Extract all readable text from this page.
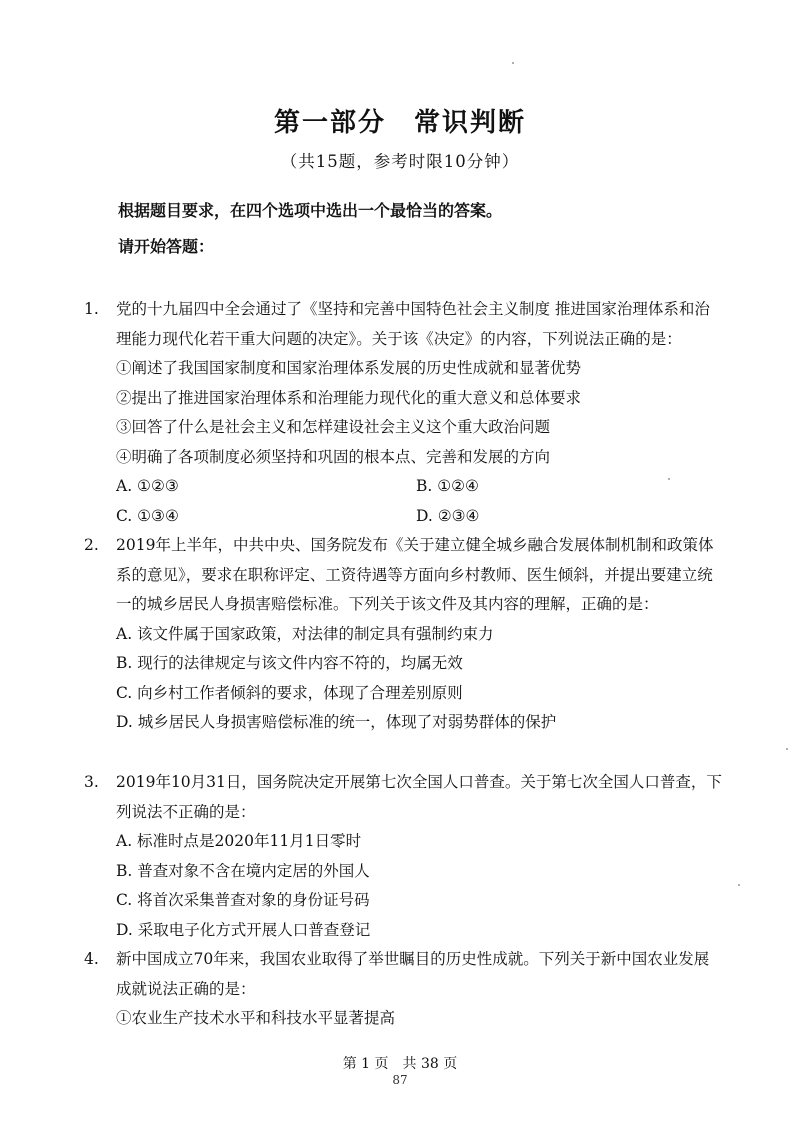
第一部分　常识判断
（共15题，参考时限10分钟）
根据题目要求，在四个选项中选出一个最恰当的答案。
请开始答题：
1. 党的十九届四中全会通过了《坚持和完善中国特色社会主义制度 推进国家治理体系和治理能力现代化若干重大问题的决定》。关于该《决定》的内容，下列说法正确的是：
①阐述了我国国家制度和国家治理体系发展的历史性成就和显著优势
②提出了推进国家治理体系和治理能力现代化的重大意义和总体要求
③回答了什么是社会主义和怎样建设社会主义这个重大政治问题
④明确了各项制度必须坚持和巩固的根本点、完善和发展的方向
A. ①②③	B. ①②④
C. ①③④	D. ②③④
2. 2019年上半年，中共中央、国务院发布《关于建立健全城乡融合发展体制机制和政策体系的意见》，要求在职称评定、工资待遇等方面向乡村教师、医生倾斜，并提出要建立统一的城乡居民人身损害赔偿标准。下列关于该文件及其内容的理解，正确的是：
A. 该文件属于国家政策，对法律的制定具有强制约束力
B. 现行的法律规定与该文件内容不符的，均属无效
C. 向乡村工作者倾斜的要求，体现了合理差别原则
D. 城乡居民人身损害赔偿标准的统一，体现了对弱势群体的保护
3. 2019年10月31日，国务院决定开展第七次全国人口普查。关于第七次全国人口普查，下列说法不正确的是：
A. 标准时点是2020年11月1日零时
B. 普查对象不含在境内定居的外国人
C. 将首次采集普查对象的身份证号码
D. 采取电子化方式开展人口普查登记
4. 新中国成立70年来，我国农业取得了举世瞩目的历史性成就。下列关于新中国农业发展成就说法正确的是：
①农业生产技术水平和科技水平显著提高
第 1 页　共 38 页
87
